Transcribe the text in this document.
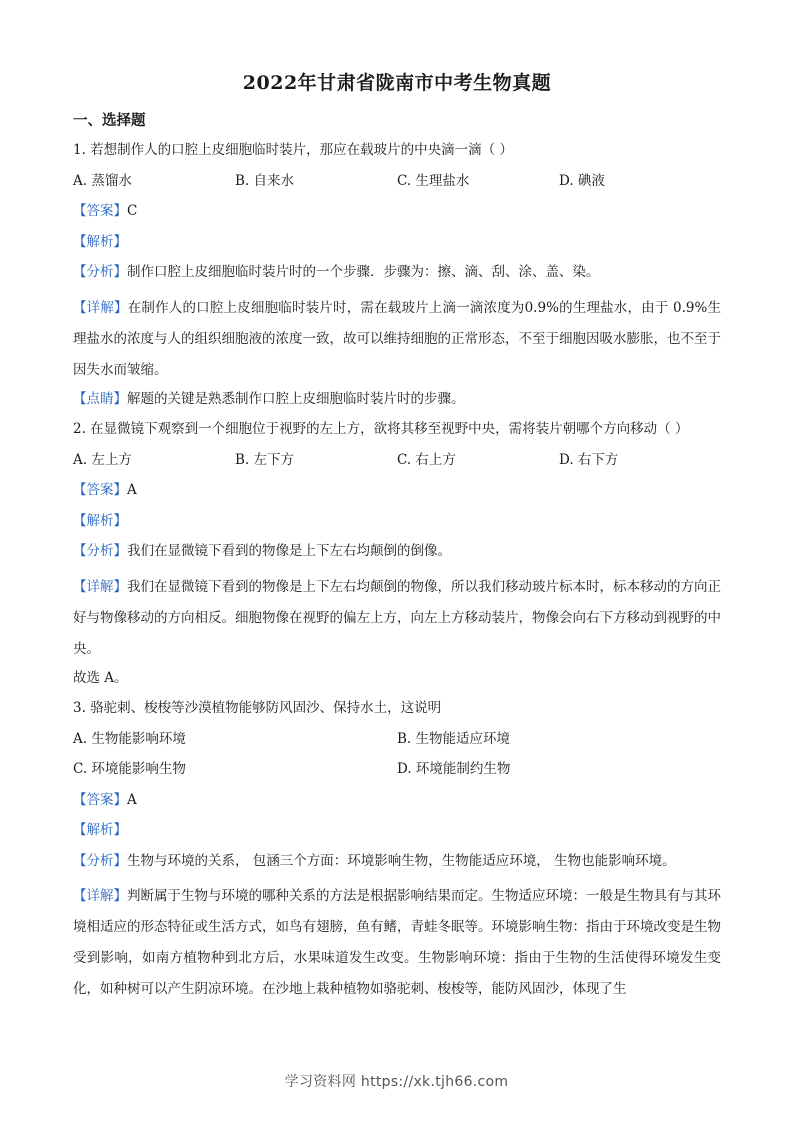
2022年甘肃省陇南市中考生物真题
一、选择题
1. 若想制作人的口腔上皮细胞临时装片，那应在载玻片的中央滴一滴（ ）
A. 蒸馏水	B. 自来水	C. 生理盐水	D. 碘液
【答案】C
【解析】
【分析】制作口腔上皮细胞临时装片时的一个步骤．步骤为：擦、滴、刮、涂、盖、染。
【详解】在制作人的口腔上皮细胞临时装片时，需在载玻片上滴一滴浓度为0.9%的生理盐水，由于 0.9%生理盐水的浓度与人的组织细胞液的浓度一致，故可以维持细胞的正常形态，不至于细胞因吸水膨胀，也不至于因失水而皱缩。
【点睛】解题的关键是熟悉制作口腔上皮细胞临时装片时的步骤。
2. 在显微镜下观察到一个细胞位于视野的左上方，欲将其移至视野中央，需将装片朝哪个方向移动（ ）
A. 左上方	B. 左下方	C. 右上方	D. 右下方
【答案】A
【解析】
【分析】我们在显微镜下看到的物像是上下左右均颠倒的倒像。
【详解】我们在显微镜下看到的物像是上下左右均颠倒的物像，所以我们移动玻片标本时，标本移动的方向正好与物像移动的方向相反。细胞物像在视野的偏左上方，向左上方移动装片，物像会向右下方移动到视野的中央。
故选 A。
3. 骆驼刺、梭梭等沙漠植物能够防风固沙、保持水土，这说明
A. 生物能影响环境	B. 生物能适应环境
C. 环境能影响生物	D. 环境能制约生物
【答案】A
【解析】
【分析】生物与环境的关系， 包涵三个方面：环境影响生物，生物能适应环境， 生物也能影响环境。
【详解】判断属于生物与环境的哪种关系的方法是根据影响结果而定。生物适应环境：一般是生物具有与其环境相适应的形态特征或生活方式，如鸟有翅膀，鱼有鳍，青蛙冬眠等。环境影响生物：指由于环境改变是生物受到影响，如南方植物种到北方后，水果味道发生改变。生物影响环境：指由于生物的生活使得环境发生变化，如种树可以产生阴凉环境。在沙地上栽种植物如骆驼刺、梭梭等，能防风固沙，体现了生
学习资料网 https://xk.tjh66.com
